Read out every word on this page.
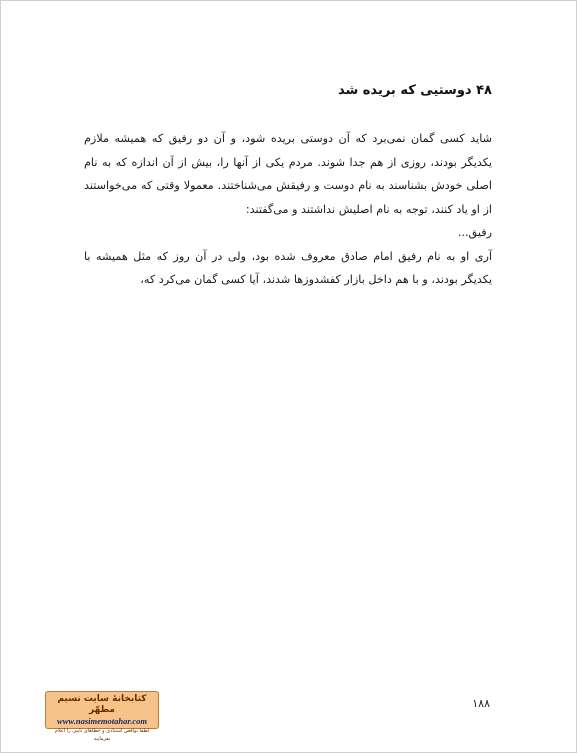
۴۸ دوستیی که بریده شد

شاید کسی گمان نمی‌برد که آن دوستی بریده شود، و آن دو رفیق که همیشه ملازم یکدیگر بودند، روزی از هم جدا شوند. مردم یکی از آنها را، بیش از آن اندازه که به نام اصلی خودش بشناسند به نام دوست و رفیقش می‌شناختند. معمولا وقتی که می‌خواستند از او یاد کنند، توجه به نام اصلیش نداشتند و می‌گفتند:

رفیق...

آری او به نام رفیق امام صادق معروف شده بود، ولی در آن روز که مثل همیشه با یکدیگر بودند، و با هم داخل بازار کفشدوزها شدند، آیا کسی گمان می‌کرد که،

۱۸۸
کتابخانهٔ سایت نسیم مطهّر
www.nasimemotahar.com
لطفا نواقص استنادی و خطاهای تایپی را اعلام بفرمایید
